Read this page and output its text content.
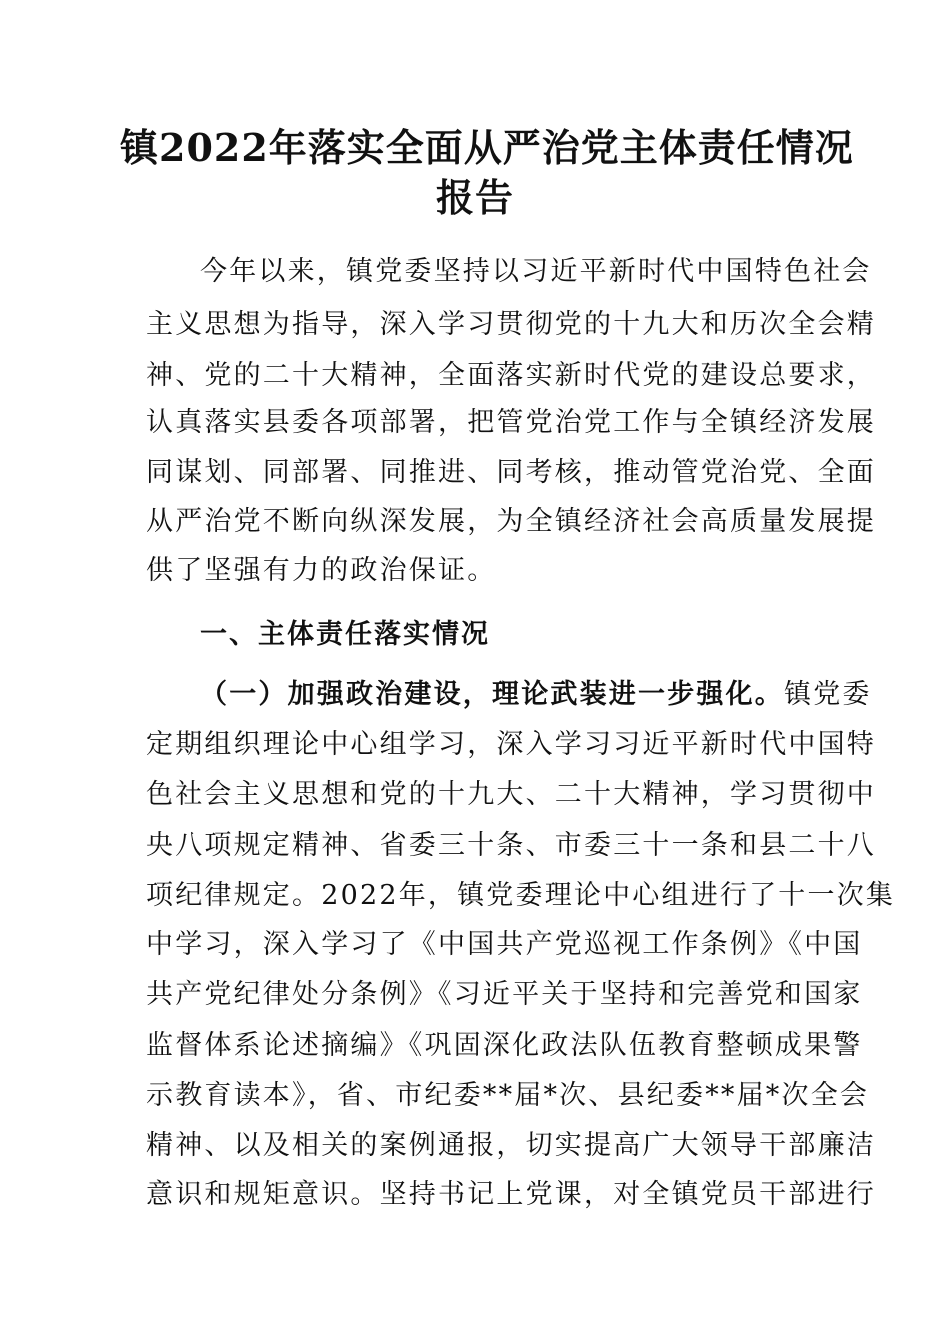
镇2022年落实全面从严治党主体责任情况
报告
今年以来，镇党委坚持以习近平新时代中国特色社会
主义思想为指导，深入学习贯彻党的十九大和历次全会精
神、党的二十大精神，全面落实新时代党的建设总要求，
认真落实县委各项部署，把管党治党工作与全镇经济发展
同谋划、同部署、同推进、同考核，推动管党治党、全面
从严治党不断向纵深发展，为全镇经济社会高质量发展提
供了坚强有力的政治保证。
一、主体责任落实情况
（一）加强政治建设，理论武装进一步强化。镇党委
定期组织理论中心组学习，深入学习习近平新时代中国特
色社会主义思想和党的十九大、二十大精神，学习贯彻中
央八项规定精神、省委三十条、市委三十一条和县二十八
项纪律规定。2022年，镇党委理论中心组进行了十一次集
中学习，深入学习了《中国共产党巡视工作条例》《中国
共产党纪律处分条例》《习近平关于坚持和完善党和国家
监督体系论述摘编》《巩固深化政法队伍教育整顿成果警
示教育读本》，省、市纪委**届*次、县纪委**届*次全会
精神、以及相关的案例通报，切实提高广大领导干部廉洁
意识和规矩意识。坚持书记上党课，对全镇党员干部进行
